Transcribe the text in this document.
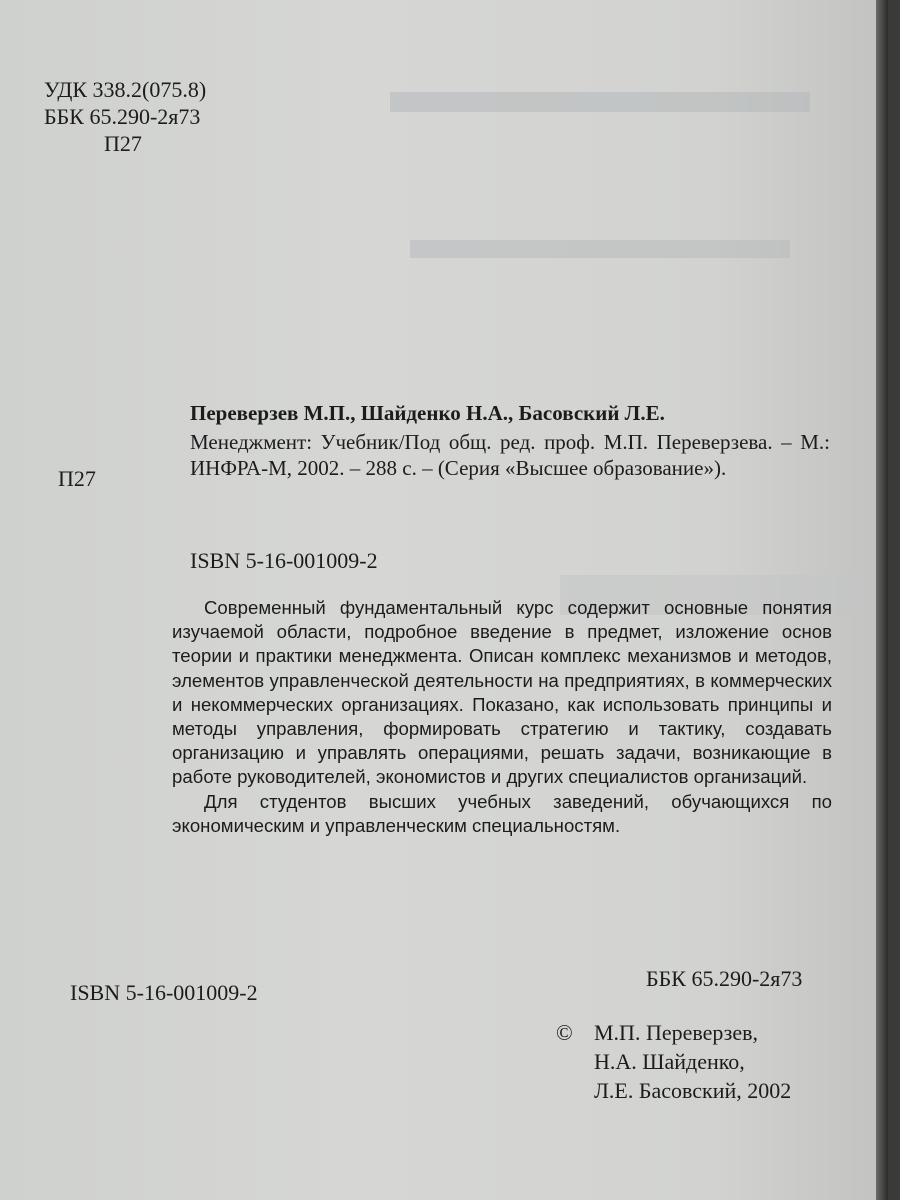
УДК 338.2(075.8)
ББК 65.290-2я73
П27
П27
Переверзев М.П., Шайденко Н.А., Басовский Л.Е.
Менеджмент: Учебник/Под общ. ред. проф. М.П. Переверзева. – М.: ИНФРА-М, 2002. – 288 с. – (Серия «Высшее образование»).
ISBN 5-16-001009-2

Современный фундаментальный курс содержит основные понятия изучаемой области, подробное введение в предмет, изложение основ теории и практики менеджмента. Описан комплекс механизмов и методов, элементов управленческой деятельности на предприятиях, в коммерческих и некоммерческих организациях. Показано, как использовать принципы и методы управления, формировать стратегию и тактику, создавать организацию и управлять операциями, решать задачи, возникающие в работе руководителей, экономистов и других специалистов организаций.

Для студентов высших учебных заведений, обучающихся по экономическим и управленческим специальностям.

ISBN 5-16-001009-2
ББК 65.290-2я73
© М.П. Переверзев,
Н.А. Шайденко,
Л.Е. Басовский, 2002
